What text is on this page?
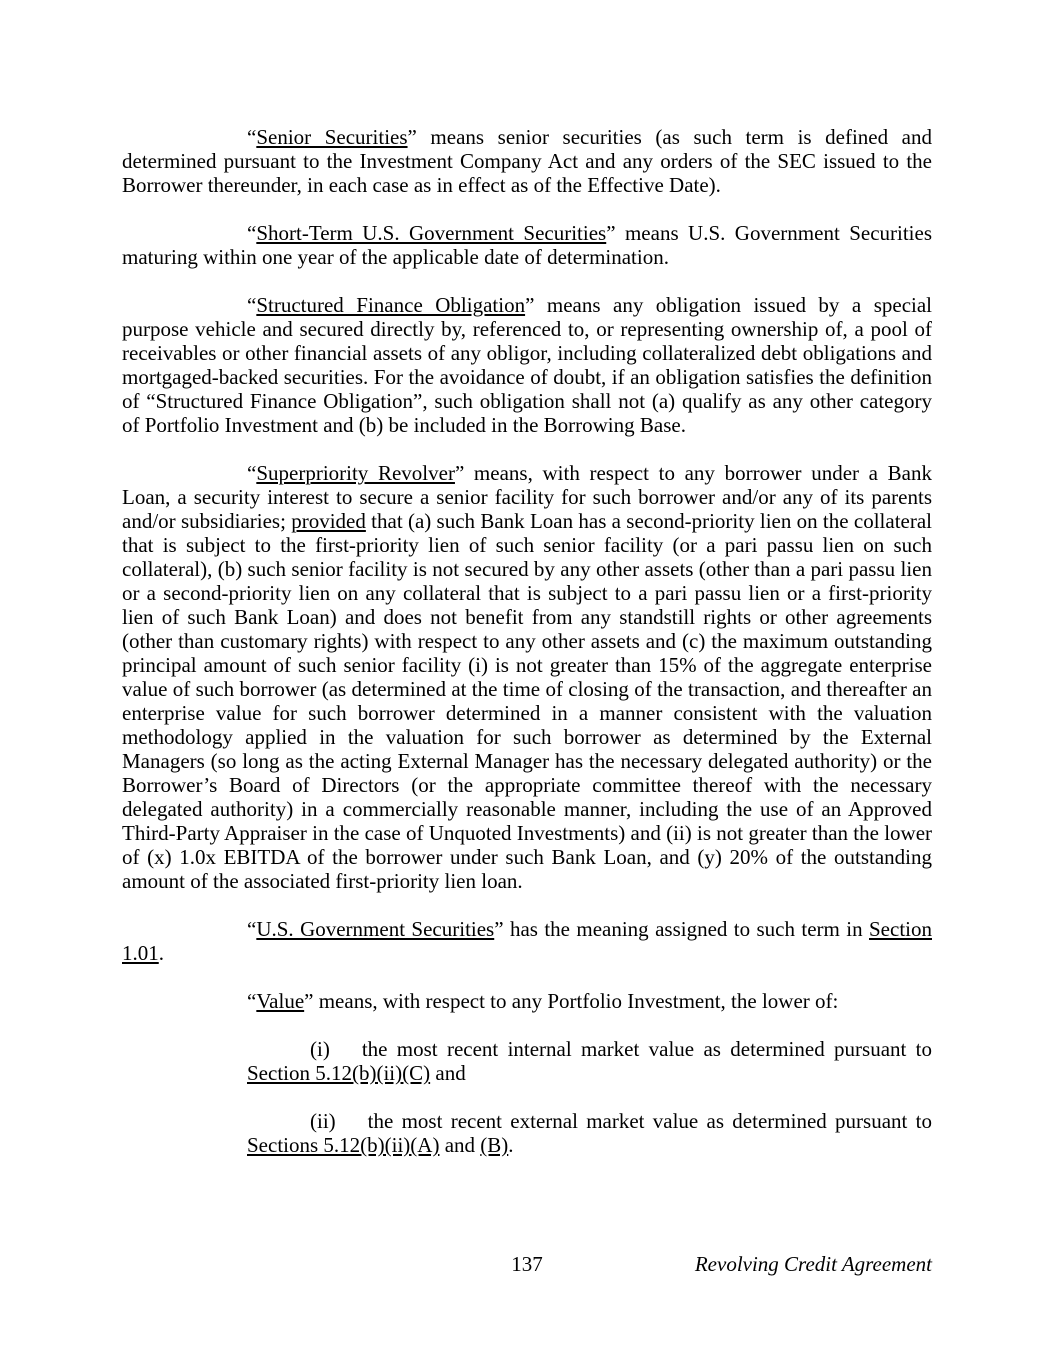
“Senior Securities” means senior securities (as such term is defined and determined pursuant to the Investment Company Act and any orders of the SEC issued to the Borrower thereunder, in each case as in effect as of the Effective Date).

“Short-Term U.S. Government Securities” means U.S. Government Securities maturing within one year of the applicable date of determination.

“Structured Finance Obligation” means any obligation issued by a special purpose vehicle and secured directly by, referenced to, or representing ownership of, a pool of receivables or other financial assets of any obligor, including collateralized debt obligations and mortgaged-backed securities. For the avoidance of doubt, if an obligation satisfies the definition of “Structured Finance Obligation”, such obligation shall not (a) qualify as any other category of Portfolio Investment and (b) be included in the Borrowing Base.

“Superpriority Revolver” means, with respect to any borrower under a Bank Loan, a security interest to secure a senior facility for such borrower and/or any of its parents and/or subsidiaries; provided that (a) such Bank Loan has a second-priority lien on the collateral that is subject to the first-priority lien of such senior facility (or a pari passu lien on such collateral), (b) such senior facility is not secured by any other assets (other than a pari passu lien or a second-priority lien on any collateral that is subject to a pari passu lien or a first-priority lien of such Bank Loan) and does not benefit from any standstill rights or other agreements (other than customary rights) with respect to any other assets and (c) the maximum outstanding principal amount of such senior facility (i) is not greater than 15% of the aggregate enterprise value of such borrower (as determined at the time of closing of the transaction, and thereafter an enterprise value for such borrower determined in a manner consistent with the valuation methodology applied in the valuation for such borrower as determined by the External Managers (so long as the acting External Manager has the necessary delegated authority) or the Borrower’s Board of Directors (or the appropriate committee thereof with the necessary delegated authority) in a commercially reasonable manner, including the use of an Approved Third-Party Appraiser in the case of Unquoted Investments) and (ii) is not greater than the lower of (x) 1.0x EBITDA of the borrower under such Bank Loan, and (y) 20% of the outstanding amount of the associated first-priority lien loan.

“U.S. Government Securities” has the meaning assigned to such term in Section 1.01.

“Value” means, with respect to any Portfolio Investment, the lower of:

(i) the most recent internal market value as determined pursuant to Section 5.12(b)(ii)(C) and

(ii) the most recent external market value as determined pursuant to Sections 5.12(b)(ii)(A) and (B).

137	Revolving Credit Agreement
